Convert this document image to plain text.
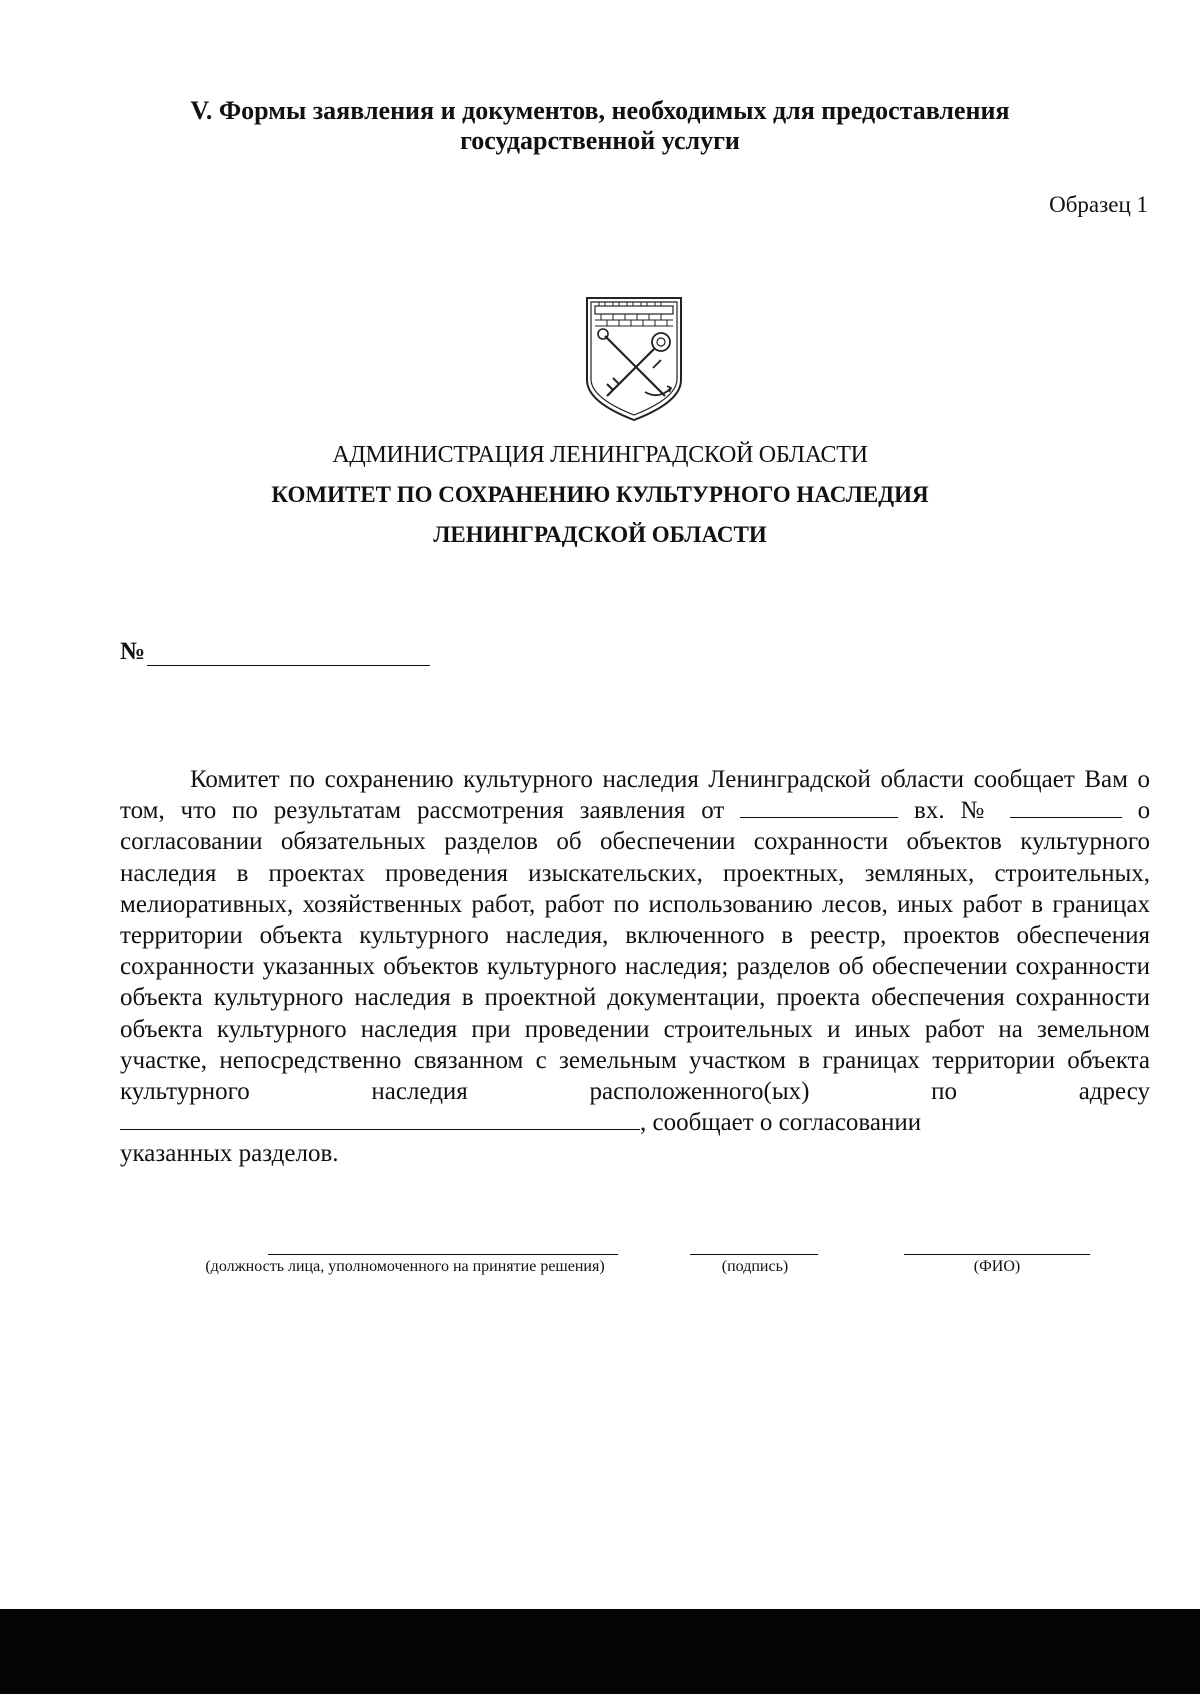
V. Формы заявления и документов, необходимых для предоставления
государственной услуги
Образец 1
АДМИНИСТРАЦИЯ ЛЕНИНГРАДСКОЙ ОБЛАСТИ
КОМИТЕТ ПО СОХРАНЕНИЮ КУЛЬТУРНОГО НАСЛЕДИЯ
ЛЕНИНГРАДСКОЙ ОБЛАСТИ
№
Комитет по сохранению культурного наследия Ленинградской области сообщает Вам о том, что по результатам рассмотрения заявления от	вх. №	о согласовании обязательных разделов об обеспечении сохранности объектов культурного наследия в проектах проведения изыскательских, проектных, земляных, строительных, мелиоративных, хозяйственных работ, работ по использованию лесов, иных работ в границах территории объекта культурного наследия, включенного в реестр, проектов обеспечения сохранности указанных объектов культурного наследия; разделов об обеспечении сохранности объекта культурного наследия в проектной документации, проекта обеспечения сохранности объекта культурного наследия при проведении строительных и иных работ на земельном участке, непосредственно связанном с земельным участком в границах территории объекта культурного наследия расположенного(ых) по адресу, сообщает о согласовании
указанных разделов.
(должность лица, уполномоченного на принятие решения)	(подпись)	(ФИО)
